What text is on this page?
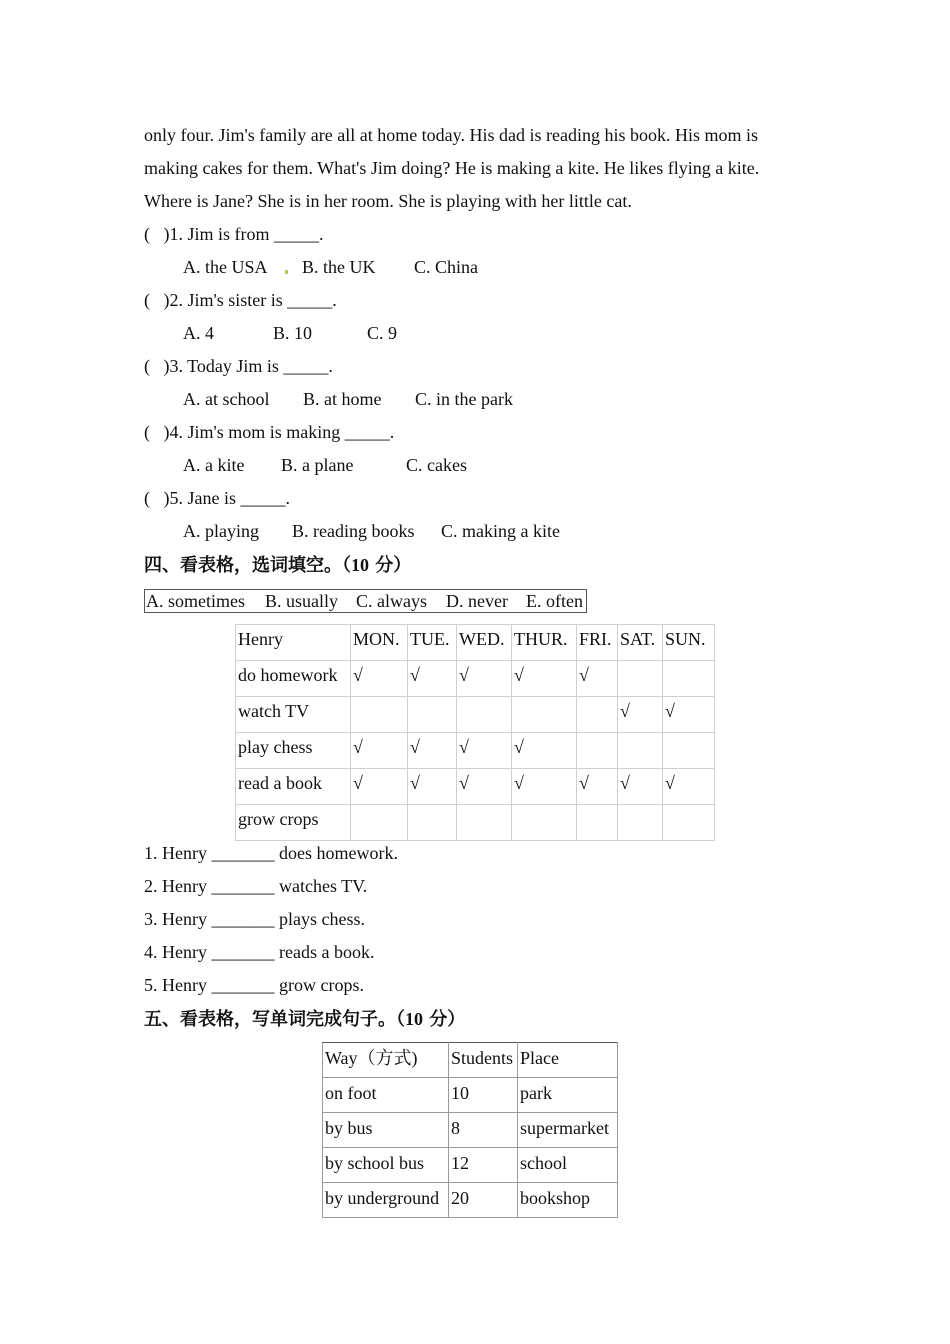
only four. Jim's family are all at home today. His dad is reading his book. His mom is
making cakes for them. What's Jim doing? He is making a kite. He likes flying a kite.
Where is Jane? She is in her room. She is playing with her little cat.
(   )1. Jim is from _____.
A. the USA B. the UK C. China
(   )2. Jim's sister is _____.
A. 4	B. 10	C. 9
(   )3. Today Jim is _____.
A. at school B. at home C. in the park
(   )4. Jim's mom is making _____.
A. a kite B. a plane	C. cakes
(   )5. Jane is _____.
A. playing B. reading books C. making a kite
四、看表格，选词填空。（10 分）

A. sometimes

B. usually

C. always

D. never

E. often

Henry	MON.	TUE.	WED.	THUR.	FRI.	SAT.	SUN.
do homework	√	√	√	√	√		
watch TV						√	√
play chess	√	√	√	√			
read a book	√	√	√	√	√	√	√
grow crops							
1. Henry _______ does homework.
2. Henry _______ watches TV.
3. Henry _______ plays chess.
4. Henry _______ reads a book.
5. Henry _______ grow crops.
五、看表格，写单词完成句子。（10 分）
Way（方式)	Students	Place
on foot	10	park
by bus	8	supermarket
by school bus	12	school
by underground	20	bookshop
